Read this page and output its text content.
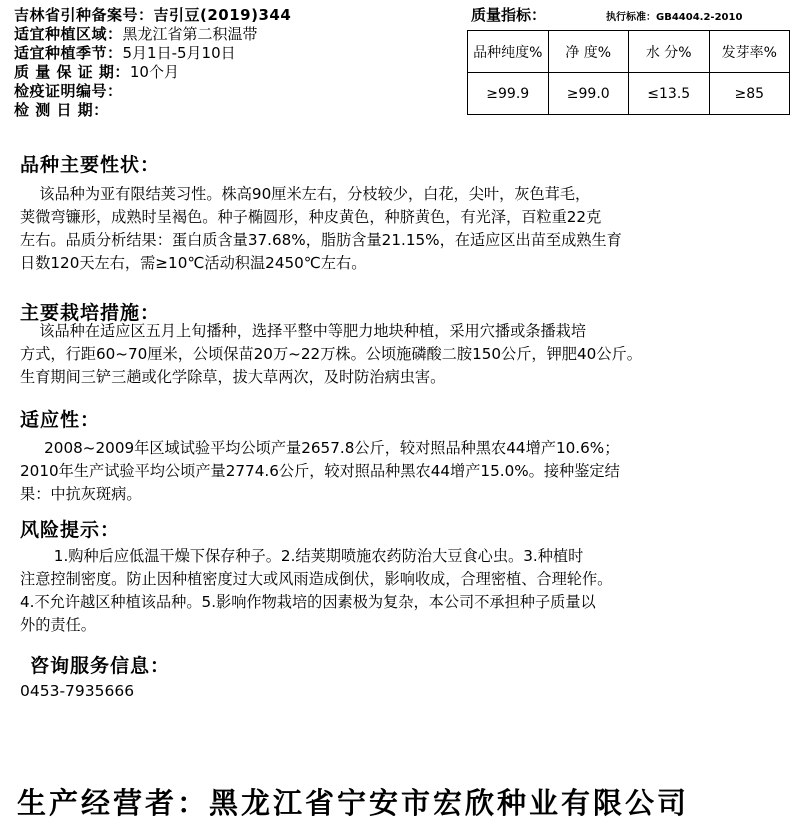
吉林省引种备案号：吉引豆(2019)344
适宜种植区域：黑龙江省第二积温带
适宜种植季节：5月1日-5月10日
质 量 保 证 期：10个月
检疫证明编号：
检 测 日 期：
质量指标：	执行标准：GB4404.2-2010
品种纯度%	净 度%	水 分%	发芽率%
≥99.9	≥99.0	≤13.5	≥85
品种主要性状：
该品种为亚有限结荚习性。株高90厘米左右，分枝较少，白花，尖叶，灰色茸毛，
荚微弯镰形，成熟时呈褐色。种子椭圆形，种皮黄色，种脐黄色，有光泽，百粒重22克
左右。品质分析结果：蛋白质含量37.68%，脂肪含量21.15%，在适应区出苗至成熟生育
日数120天左右，需≥10℃活动积温2450℃左右。
主要栽培措施：
该品种在适应区五月上旬播种，选择平整中等肥力地块种植，采用穴播或条播栽培
方式，行距60~70厘米，公顷保苗20万~22万株。公顷施磷酸二胺150公斤，钾肥40公斤。
生育期间三铲三趟或化学除草，拔大草两次，及时防治病虫害。
适应性：
2008~2009年区域试验平均公顷产量2657.8公斤，较对照品种黑农44增产10.6%；
2010年生产试验平均公顷产量2774.6公斤，较对照品种黑农44增产15.0%。接种鉴定结
果：中抗灰斑病。
风险提示：
1.购种后应低温干燥下保存种子。2.结荚期喷施农药防治大豆食心虫。3.种植时
注意控制密度。防止因种植密度过大或风雨造成倒伏，影响收成，合理密植、合理轮作。
4.不允许越区种植该品种。5.影响作物栽培的因素极为复杂，本公司不承担种子质量以
外的责任。
咨询服务信息：
0453-7935666
生产经营者：黑龙江省宁安市宏欣种业有限公司
